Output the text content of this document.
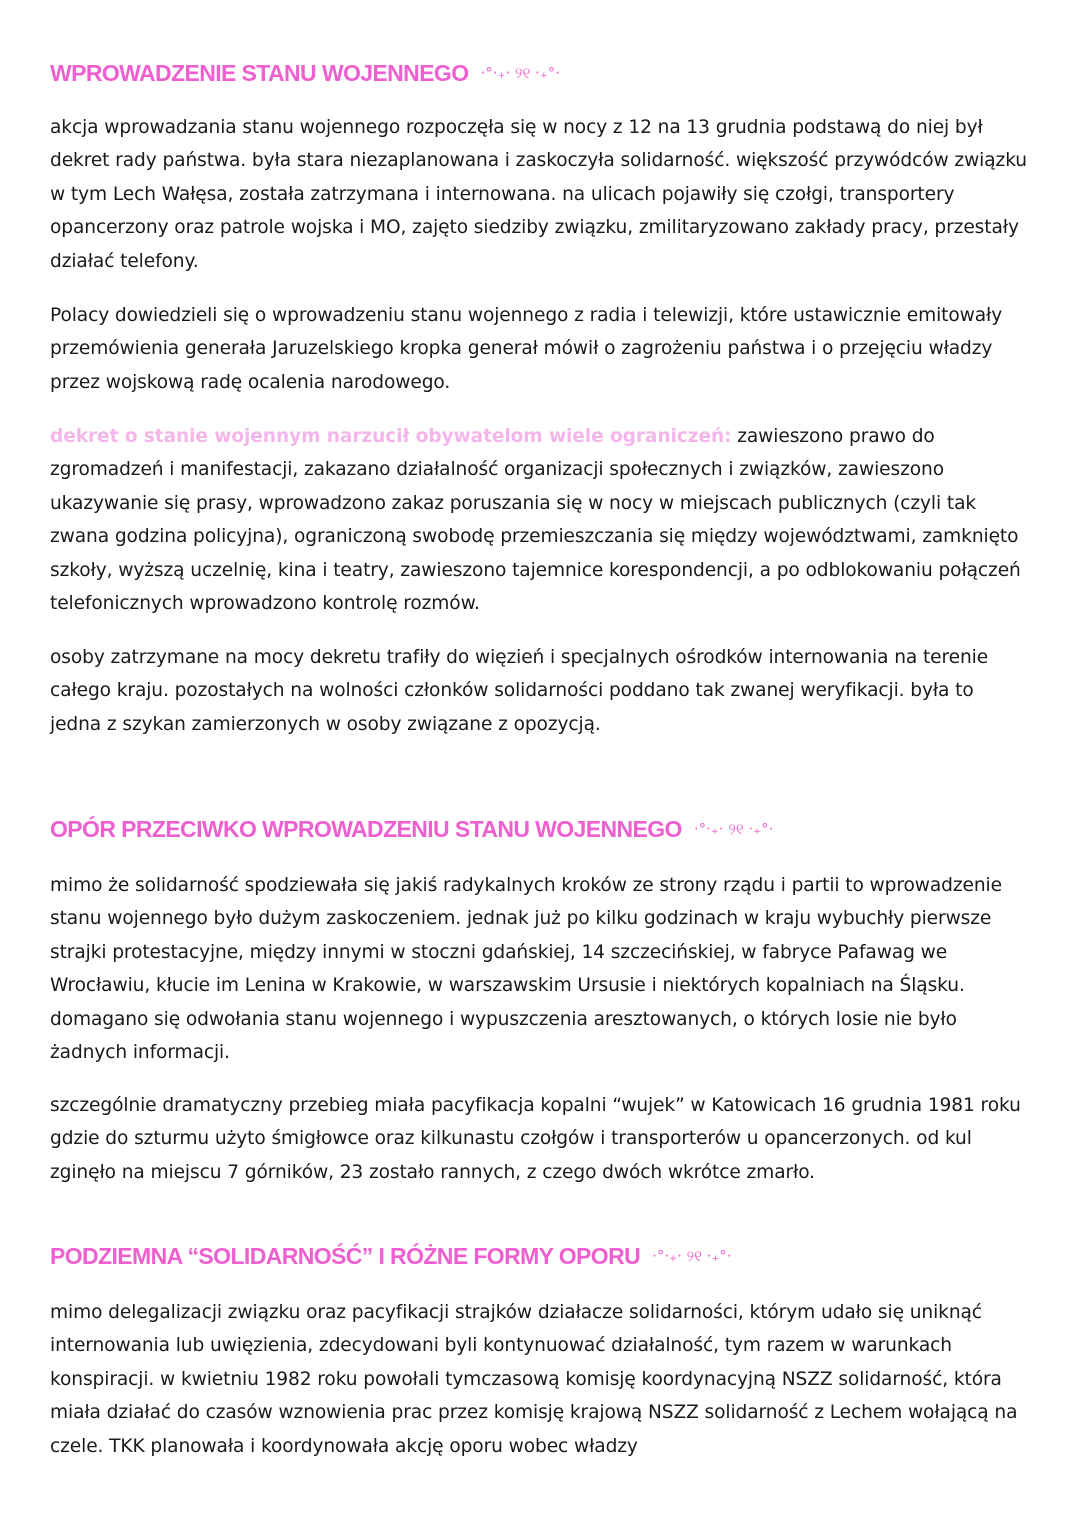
WPROWADZENIE STANU WOJENNEGO ·°·₊· ୨୧ ·₊°·

akcja wprowadzania stanu wojennego rozpoczęła się w nocy z 12 na 13 grudnia podstawą do niej był dekret rady państwa. była stara niezaplanowana i zaskoczyła solidarność. większość przywódców związku w tym Lech Wałęsa, została zatrzymana i internowana. na ulicach pojawiły się czołgi, transportery opancerzony oraz patrole wojska i MO, zajęto siedziby związku, zmilitaryzowano zakłady pracy, przestały działać telefony.

Polacy dowiedzieli się o wprowadzeniu stanu wojennego z radia i telewizji, które ustawicznie emitowały przemówienia generała Jaruzelskiego kropka generał mówił o zagrożeniu państwa i o przejęciu władzy przez wojskową radę ocalenia narodowego.

dekret o stanie wojennym narzucił obywatelom wiele ograniczeń: zawieszono prawo do zgromadzeń i manifestacji, zakazano działalność organizacji społecznych i związków, zawieszono ukazywanie się prasy, wprowadzono zakaz poruszania się w nocy w miejscach publicznych (czyli tak zwana godzina policyjna), ograniczoną swobodę przemieszczania się między województwami, zamknięto szkoły, wyższą uczelnię, kina i teatry, zawieszono tajemnice korespondencji, a po odblokowaniu połączeń telefonicznych wprowadzono kontrolę rozmów.

osoby zatrzymane na mocy dekretu trafiły do więzień i specjalnych ośrodków internowania na terenie całego kraju. pozostałych na wolności członków solidarności poddano tak zwanej weryfikacji. była to jedna z szykan zamierzonych w osoby związane z opozycją.

OPÓR PRZECIWKO WPROWADZENIU STANU WOJENNEGO ·°·₊· ୨୧ ·₊°·

mimo że solidarność spodziewała się jakiś radykalnych kroków ze strony rządu i partii to wprowadzenie stanu wojennego było dużym zaskoczeniem. jednak już po kilku godzinach w kraju wybuchły pierwsze strajki protestacyjne, między innymi w stoczni gdańskiej, 14 szczecińskiej, w fabryce Pafawag we Wrocławiu, kłucie im Lenina w Krakowie, w warszawskim Ursusie i niektórych kopalniach na Śląsku. domagano się odwołania stanu wojennego i wypuszczenia aresztowanych, o których losie nie było żadnych informacji.

szczególnie dramatyczny przebieg miała pacyfikacja kopalni “wujek” w Katowicach 16 grudnia 1981 roku gdzie do szturmu użyto śmigłowce oraz kilkunastu czołgów i transporterów u opancerzonych. od kul zginęło na miejscu 7 górników, 23 zostało rannych, z czego dwóch wkrótce zmarło.

PODZIEMNA “SOLIDARNOŚĆ” I RÓŻNE FORMY OPORU ·°·₊· ୨୧ ·₊°·

mimo delegalizacji związku oraz pacyfikacji strajków działacze solidarności, którym udało się uniknąć internowania lub uwięzienia, zdecydowani byli kontynuować działalność, tym razem w warunkach konspiracji. w kwietniu 1982 roku powołali tymczasową komisję koordynacyjną NSZZ solidarność, która miała działać do czasów wznowienia prac przez komisję krajową NSZZ solidarność z Lechem wołającą na czele. TKK planowała i koordynowała akcję oporu wobec władzy
